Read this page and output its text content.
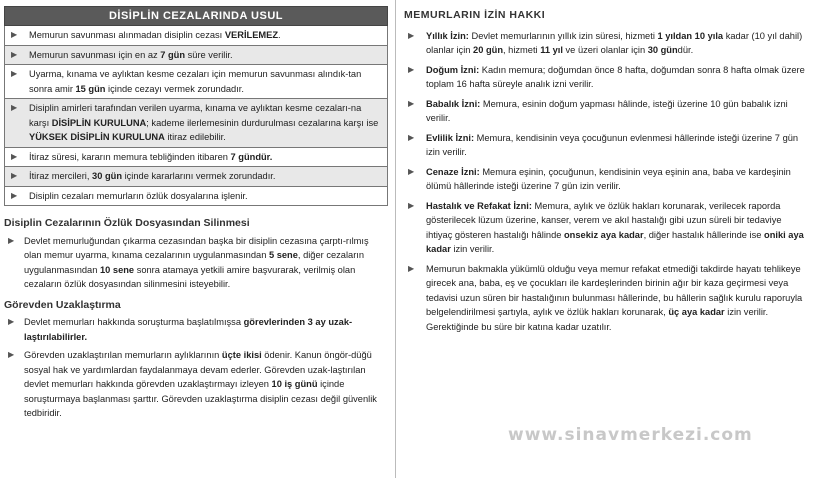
DİSİPLİN CEZALARINDA USUL
▶ Memurun savunması alınmadan disiplin cezası VERİLEMEZ.
▶ Memurun savunması için en az 7 gün süre verilir.
▶ Uyarma, kınama ve aylıktan kesme cezaları için memurun savunması alındık-tan sonra amir 15 gün içinde cezayı vermek zorundadır.
▶ Disiplin amirleri tarafından verilen uyarma, kınama ve aylıktan kesme cezaları-na karşı DİSİPLİN KURULUNA; kademe ilerlemesinin durdurulması cezalarına karşı ise YÜKSEK DİSİPLİN KURULUNA itiraz edilebilir.
▶ İtiraz süresi, kararın memura tebliğinden itibaren 7 gündür.
▶ İtiraz mercileri, 30 gün içinde kararlarını vermek zorundadır.
▶ Disiplin cezaları memurların özlük dosyalarına işlenir.
Disiplin Cezalarının Özlük Dosyasından Silinmesi
▶ Devlet memurluğundan çıkarma cezasından başka bir disiplin cezasına çarptı-rılmış olan memur uyarma, kınama cezalarının uygulanmasından 5 sene, diğer cezaların uygulanmasından 10 sene sonra atamaya yetkili amire başvurarak, verilmiş olan cezaların özlük dosyasından silinmesini isteyebilir.
Görevden Uzaklaştırma
▶ Devlet memurları hakkında soruşturma başlatılmışsa görevlerinden 3 ay uzak-laştırılabilirler.
▶ Görevden uzaklaştırılan memurların aylıklarının üçte ikisi ödenir. Kanun öngör-düğü sosyal hak ve yardımlardan faydalanmaya devam ederler. Görevden uzak-laştırılan devlet memurları hakkında görevden uzaklaştırmayı izleyen 10 iş günü içinde soruşturmaya başlanması şarttır. Görevden uzaklaştırma disiplin cezası değil güvenlik tedbiridir.
MEMURLARIN İZİN HAKKI
▶ Yıllık İzin: Devlet memurlarının yıllık izin süresi, hizmeti 1 yıldan 10 yıla kadar (10 yıl dahil) olanlar için 20 gün, hizmeti 11 yıl ve üzeri olanlar için 30 gündür.
▶ Doğum İzni: Kadın memura; doğumdan önce 8 hafta, doğumdan sonra 8 hafta olmak üzere toplam 16 hafta süreyle analık izni verilir.
▶ Babalık İzni: Memura, esinin doğum yapması hâlinde, isteği üzerine 10 gün babalık izni verilir.
▶ Evlilik İzni: Memura, kendisinin veya çocuğunun evlenmesi hâllerinde isteği üzerine 7 gün izin verilir.
▶ Cenaze İzni: Memura eşinin, çocuğunun, kendisinin veya eşinin ana, baba ve kardeşinin ölümü hâllerinde isteği üzerine 7 gün izin verilir.
▶ Hastalık ve Refakat İzni: Memura, aylık ve özlük hakları korunarak, verilecek raporda gösterilecek lüzum üzerine, kanser, verem ve akıl hastalığı gibi uzun süreli bir tedaviye ihtiyaç gösteren hastalığı hâlinde onsekiz aya kadar, diğer hastalık hâllerinde ise oniki aya kadar izin verilir.
▶ Memurun bakmakla yükümlü olduğu veya memur refakat etmediği takdirde hayatı tehlikeye girecek ana, baba, eş ve çocukları ile kardeşlerinden birinin ağır bir kaza geçirmesi veya tedavisi uzun süren bir hastalığının bulunması hâllerinde, bu hâllerin sağlık kurulu raporuyla belgelendirilmesi şartıyla, aylık ve özlük hakları korunarak, üç aya kadar izin verilir. Gerektiğinde bu süre bir katına kadar uzatılır.
www.sinavmerkezi.com
